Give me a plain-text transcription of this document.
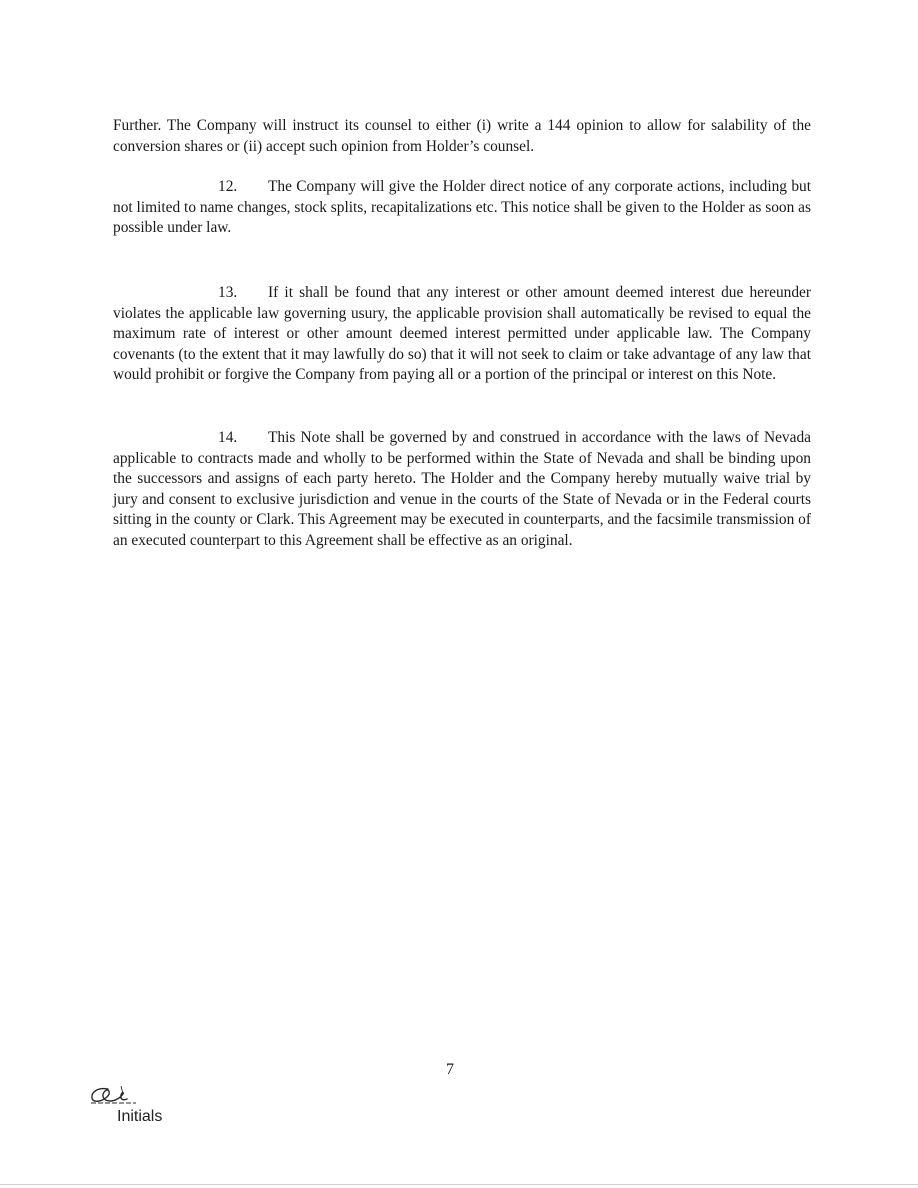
Further. The Company will instruct its counsel to either (i) write a 144 opinion to allow for salability of the conversion shares or (ii) accept such opinion from Holder’s counsel.

12. The Company will give the Holder direct notice of any corporate actions, including but not limited to name changes, stock splits, recapitalizations etc. This notice shall be given to the Holder as soon as possible under law.

13. If it shall be found that any interest or other amount deemed interest due hereunder violates the applicable law governing usury, the applicable provision shall automatically be revised to equal the maximum rate of interest or other amount deemed interest permitted under applicable law. The Company covenants (to the extent that it may lawfully do so) that it will not seek to claim or take advantage of any law that would prohibit or forgive the Company from paying all or a portion of the principal or interest on this Note.

14. This Note shall be governed by and construed in accordance with the laws of Nevada applicable to contracts made and wholly to be performed within the State of Nevada and shall be binding upon the successors and assigns of each party hereto. The Holder and the Company hereby mutually waive trial by jury and consent to exclusive jurisdiction and venue in the courts of the State of Nevada or in the Federal courts sitting in the county or Clark. This Agreement may be executed in counterparts, and the facsimile transmission of an executed counterpart to this Agreement shall be effective as an original.

7
Initials
